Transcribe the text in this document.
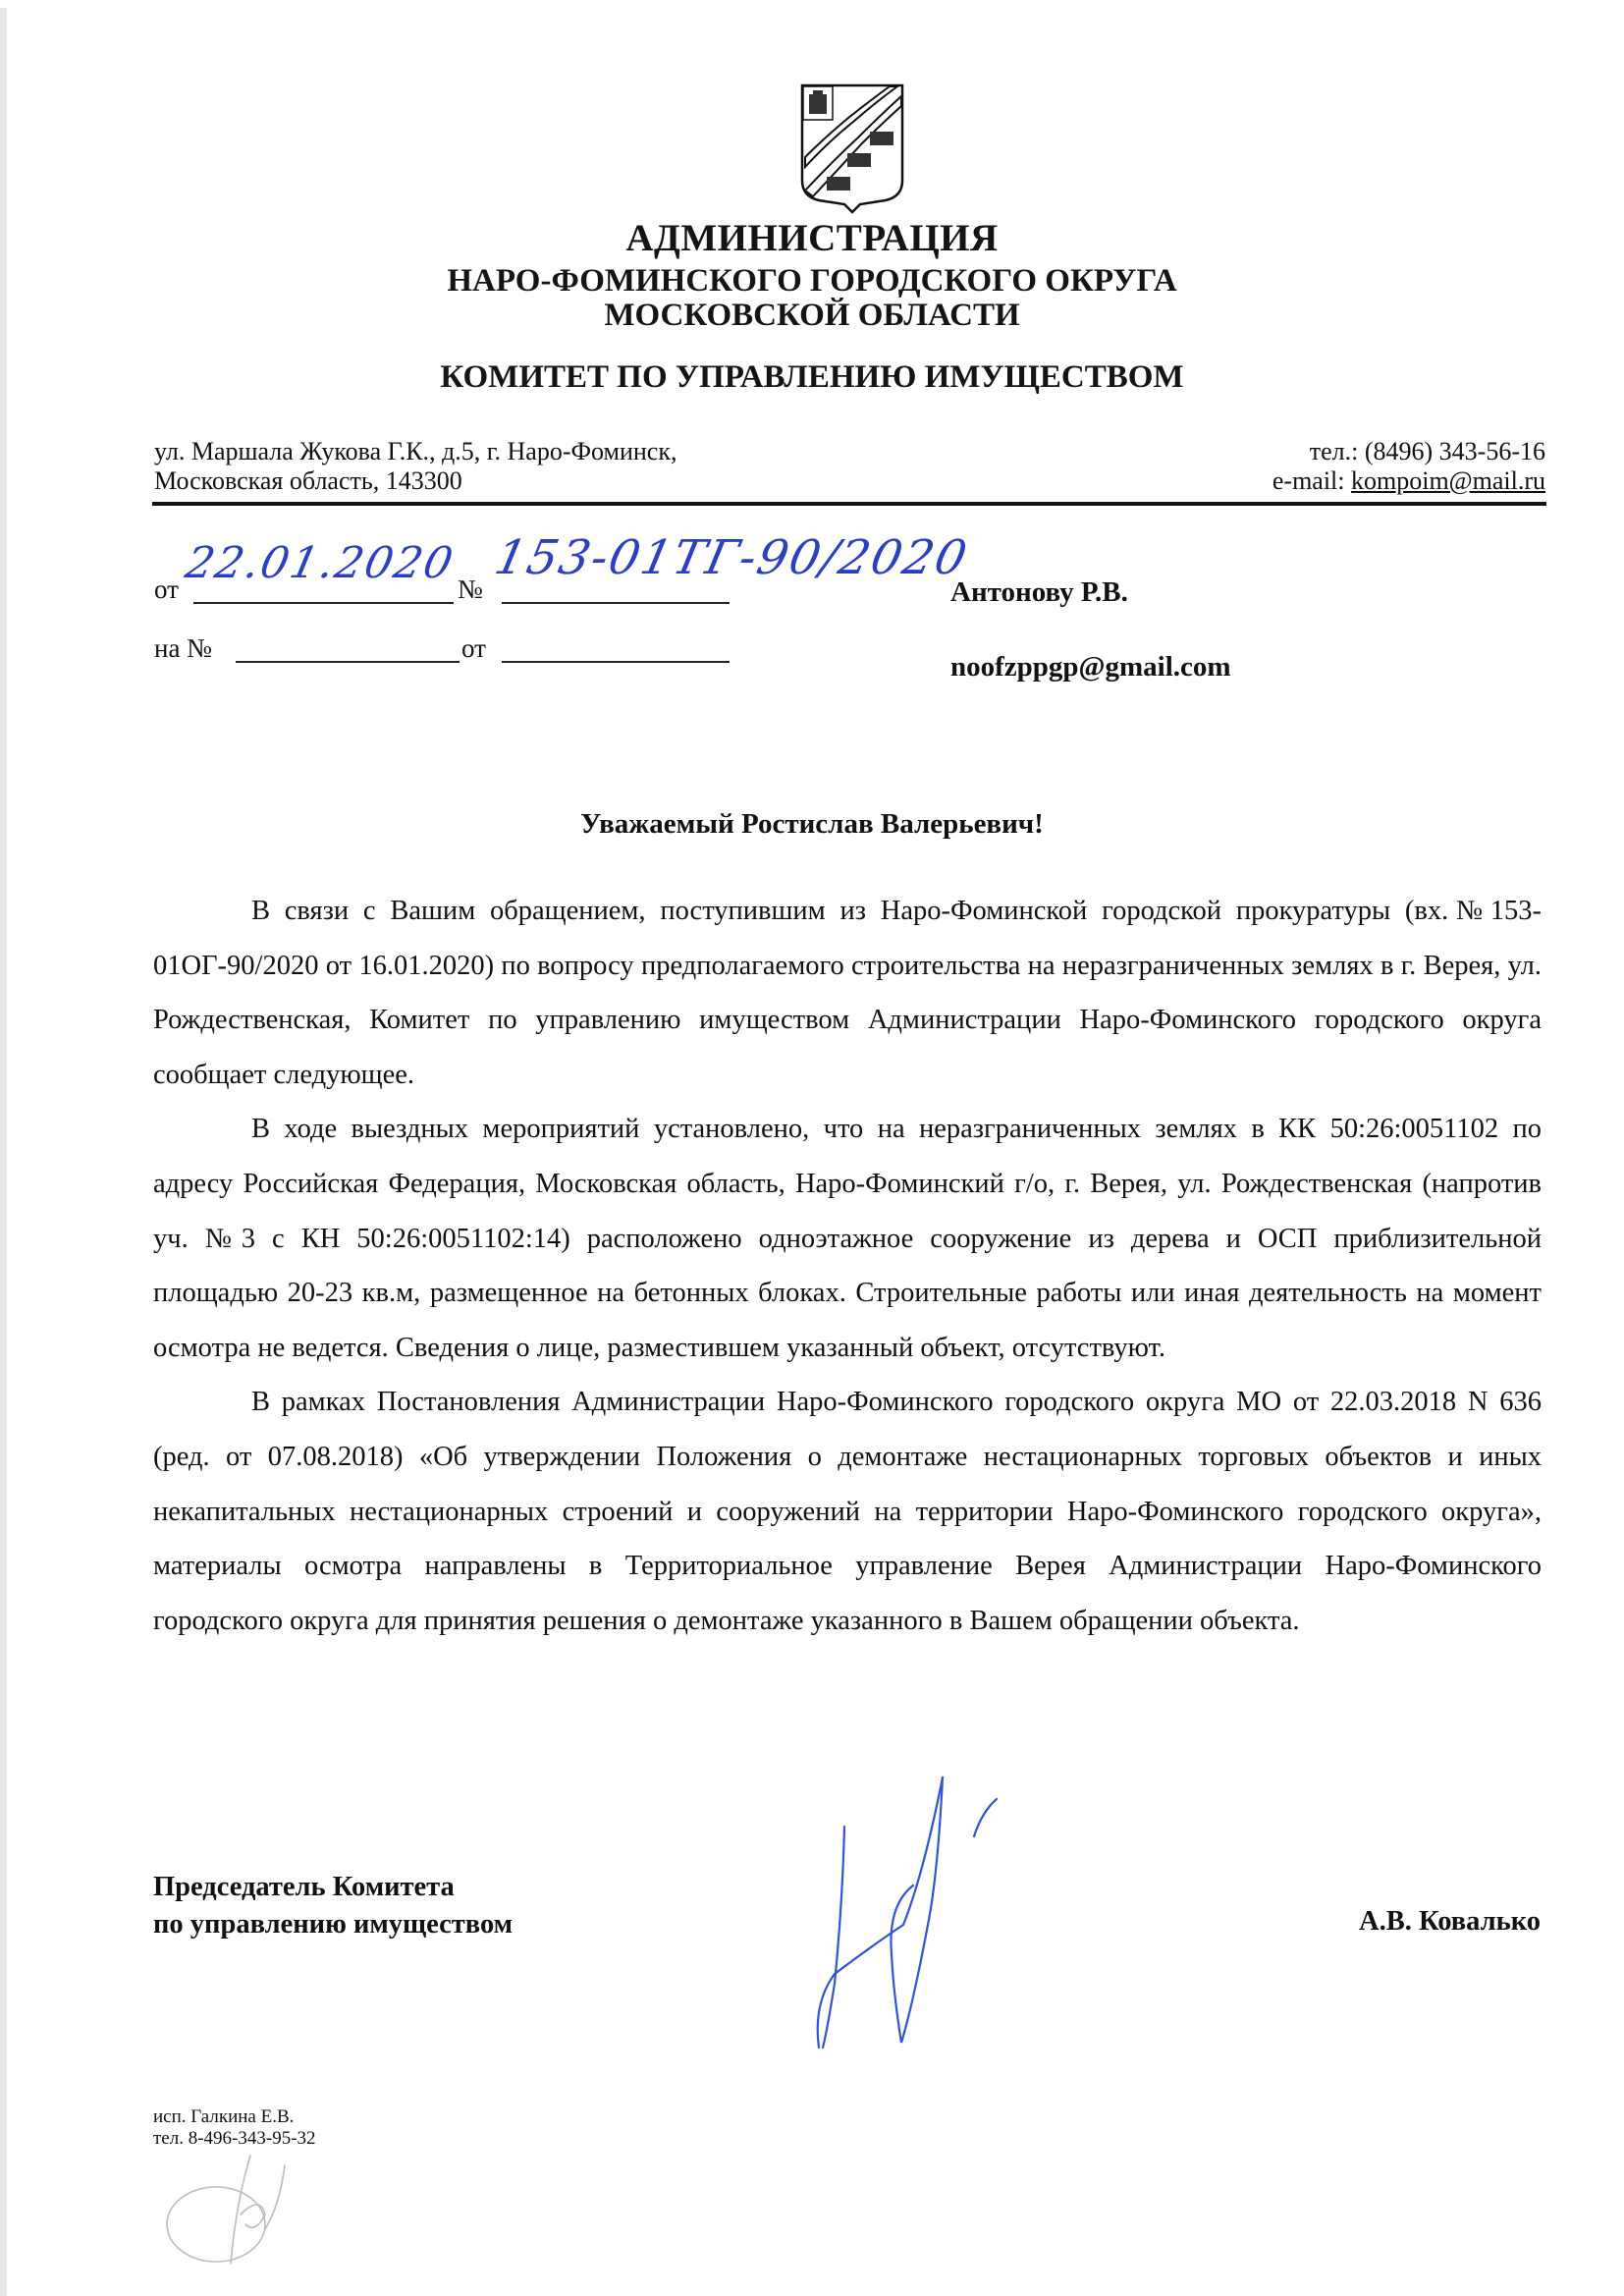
АДМИНИСТРАЦИЯ
НАРО-ФОМИНСКОГО ГОРОДСКОГО ОКРУГА
МОСКОВСКОЙ ОБЛАСТИ
КОМИТЕТ ПО УПРАВЛЕНИЮ ИМУЩЕСТВОМ
ул. Маршала Жукова Г.К., д.5, г. Наро-Фоминск,
Московская область, 143300
тел.: (8496) 343-56-16
e-mail: kompoim@mail.ru
от	№
на №	от
22.01.2020 153-01ТГ-90/2020
Антонову Р.В.
noofzppgp@gmail.com
Уважаемый Ростислав Валерьевич!

В связи с Вашим обращением, поступившим из Наро-Фоминской городской прокуратуры (вх.№153-01ОГ-90/2020 от 16.01.2020) по вопросу предполагаемого строительства на неразграниченных землях в г. Верея, ул. Рождественская, Комитет по управлению имуществом Администрации Наро-Фоминского городского округа сообщает следующее.

В ходе выездных мероприятий установлено, что на неразграниченных землях в КК 50:26:0051102 по адресу Российская Федерация, Московская область, Наро-Фоминский г/о, г. Верея, ул. Рождественская (напротив уч. №3 с КН 50:26:0051102:14) расположено одноэтажное сооружение из дерева и ОСП приблизительной площадью 20-23 кв.м, размещенное на бетонных блоках. Строительные работы или иная деятельность на момент осмотра не ведется. Сведения о лице, разместившем указанный объект, отсутствуют.

В рамках Постановления Администрации Наро-Фоминского городского округа МО от 22.03.2018 N 636 (ред. от 07.08.2018) «Об утверждении Положения о демонтаже нестационарных торговых объектов и иных некапитальных нестационарных строений и сооружений на территории Наро-Фоминского городского округа», материалы осмотра направлены в Территориальное управление Верея Администрации Наро-Фоминского городского округа для принятия решения о демонтаже указанного в Вашем обращении объекта.

Председатель Комитета
по управлению имуществом	А.В. Ковалько
исп. Галкина Е.В.
тел. 8-496-343-95-32
